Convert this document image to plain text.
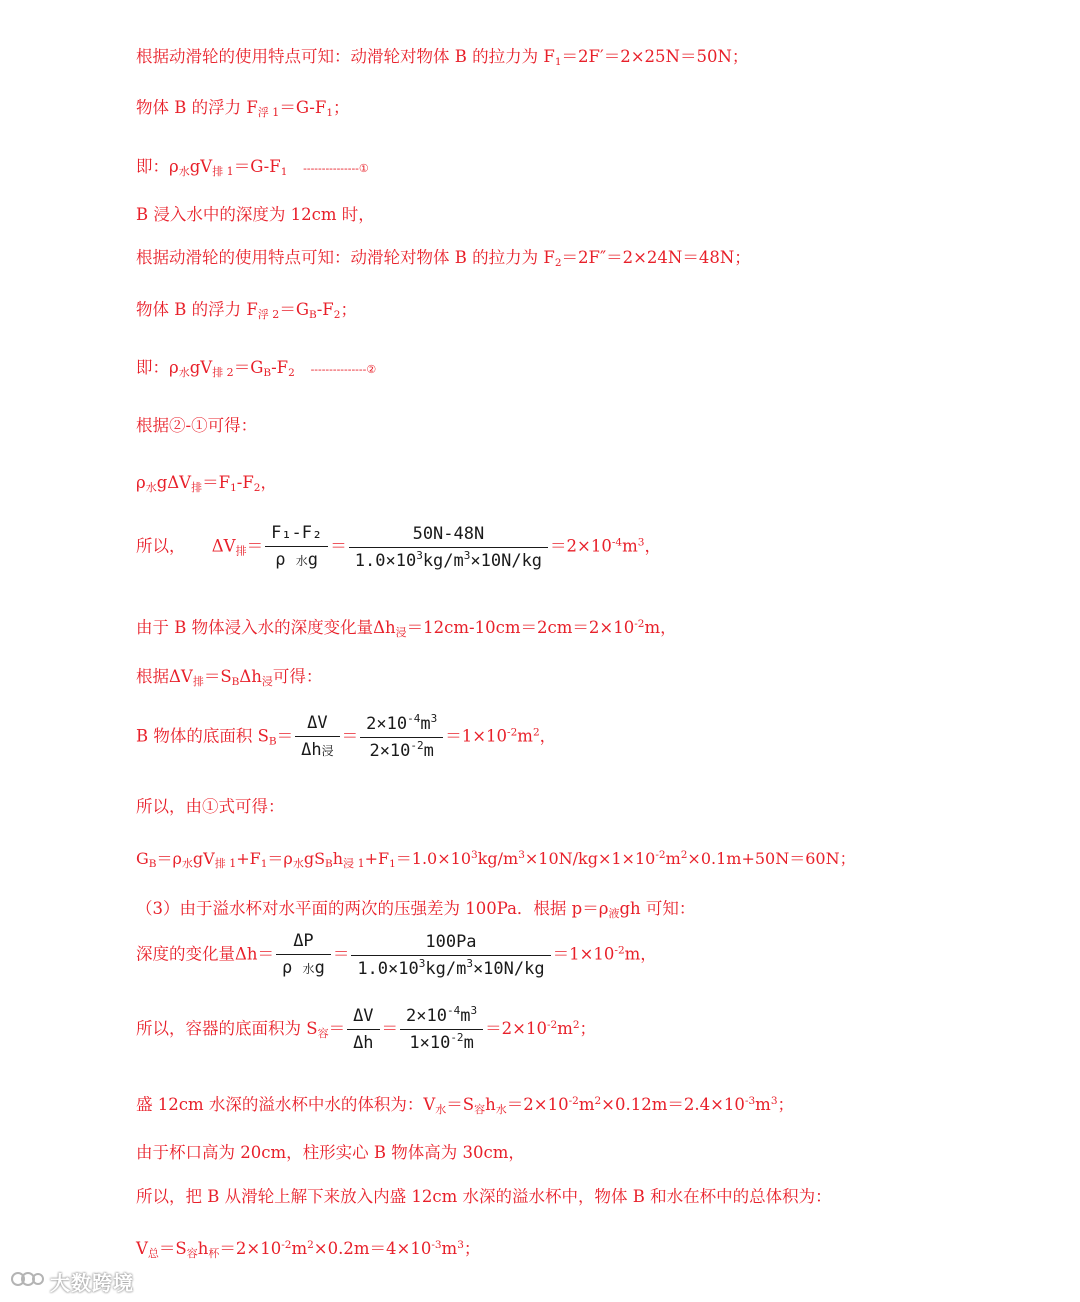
根据动滑轮的使用特点可知：动滑轮对物体 B 的拉力为 $F_1=2F'=2\times 25N=50N$；
物体 B 的浮力 $F_{浮 1}=G-F_1$；
即：$\rho_水gV_{排 1}=G-F_1$ ---------------①
B 浸入水中的深度为 12cm 时，
根据动滑轮的使用特点可知：动滑轮对物体 B 的拉力为 $F_2=2F''=2\times 24N=48N$；
物体 B 的浮力 $F_{浮 2}=G_B-F_2$；
即：$\rho_水gV_{排 2}=G_B-F_2$ ---------------②
根据②-①可得：
$\rho_水g\Delta V_排=F_1-F_2$，
所以， $\Delta V_排= \frac{\text{F₁-F₂}}{\text{ρ 水g}} = \frac{50N-48N}{1.0\times 10^3kg/m^3\times 10N/kg} =2\times 10^{-4}m^3$，
由于 B 物体浸入水的深度变化量$\Delta h_浸=12cm-10cm=2cm=2\times 10^{-2}m$，
根据$\Delta V_排=S_B\Delta h_浸$可得：
B 物体的底面积 $S_B= \frac{\Delta V}{\text{Δh浸}} = \frac{2\times 10^{-4}m^3}{2\times 10^{-2}m} =1\times 10^{-2}m^2$，
所以，由①式可得：
$G_B=\rho_水gV_{排 1}+F_1=\rho_水gS_Bh_{浸 1}+F_1=1.0\times 10^3kg/m^3\times 10N/kg\times 1\times 10^{-2}m^2\times 0.1m+50N=60N$；
（3）由于溢水杯对水平面的两次的压强差为 100Pa．根据 $p=\rho_液gh$ 可知：
深度的变化量$\Delta h= \frac{\Delta P}{\text{ρ 水g}} = \frac{100Pa}{1.0\times 10^3kg/m^3\times 10N/kg} =1\times 10^{-2}m$，
所以，容器的底面积为 $S_容= \frac{\Delta V}{\Delta h} = \frac{2\times 10^{-4}m^3}{1\times 10^{-2}m} =2\times 10^{-2}m^2$；
盛 12cm 水深的溢水杯中水的体积为：$V_水=S_容h_水=2\times 10^{-2}m^2\times 0.12m=2.4\times 10^{-3}m^3$；
由于杯口高为 20cm，柱形实心 B 物体高为 30cm，
所以，把 B 从滑轮上解下来放入内盛 12cm 水深的溢水杯中，物体 B 和水在杯中的总体积为：
$V_总=S_容h_杯=2\times 10^{-2}m^2\times 0.2m=4\times 10^{-3}m^3$；
大数跨境
